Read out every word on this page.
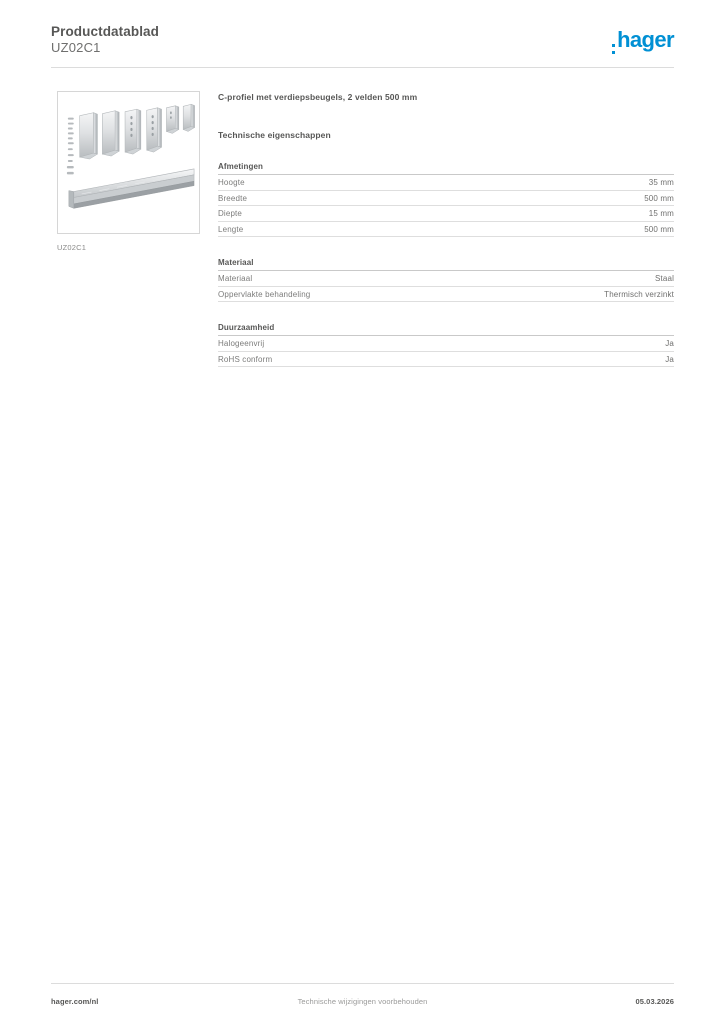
Productdatablad
UZ02C1	hager
UZ02C1
C-profiel met verdiepsbeugels, 2 velden 500 mm
Technische eigenschappen
Afmetingen
Hoogte	35 mm
Breedte	500 mm
Diepte	15 mm
Lengte	500 mm
Materiaal
Materiaal	Staal
Oppervlakte behandeling	Thermisch verzinkt
Duurzaamheid
Halogeenvrij	Ja
RoHS conform	Ja
hager.com/nl	Technische wijzigingen voorbehouden	05.03.2026
